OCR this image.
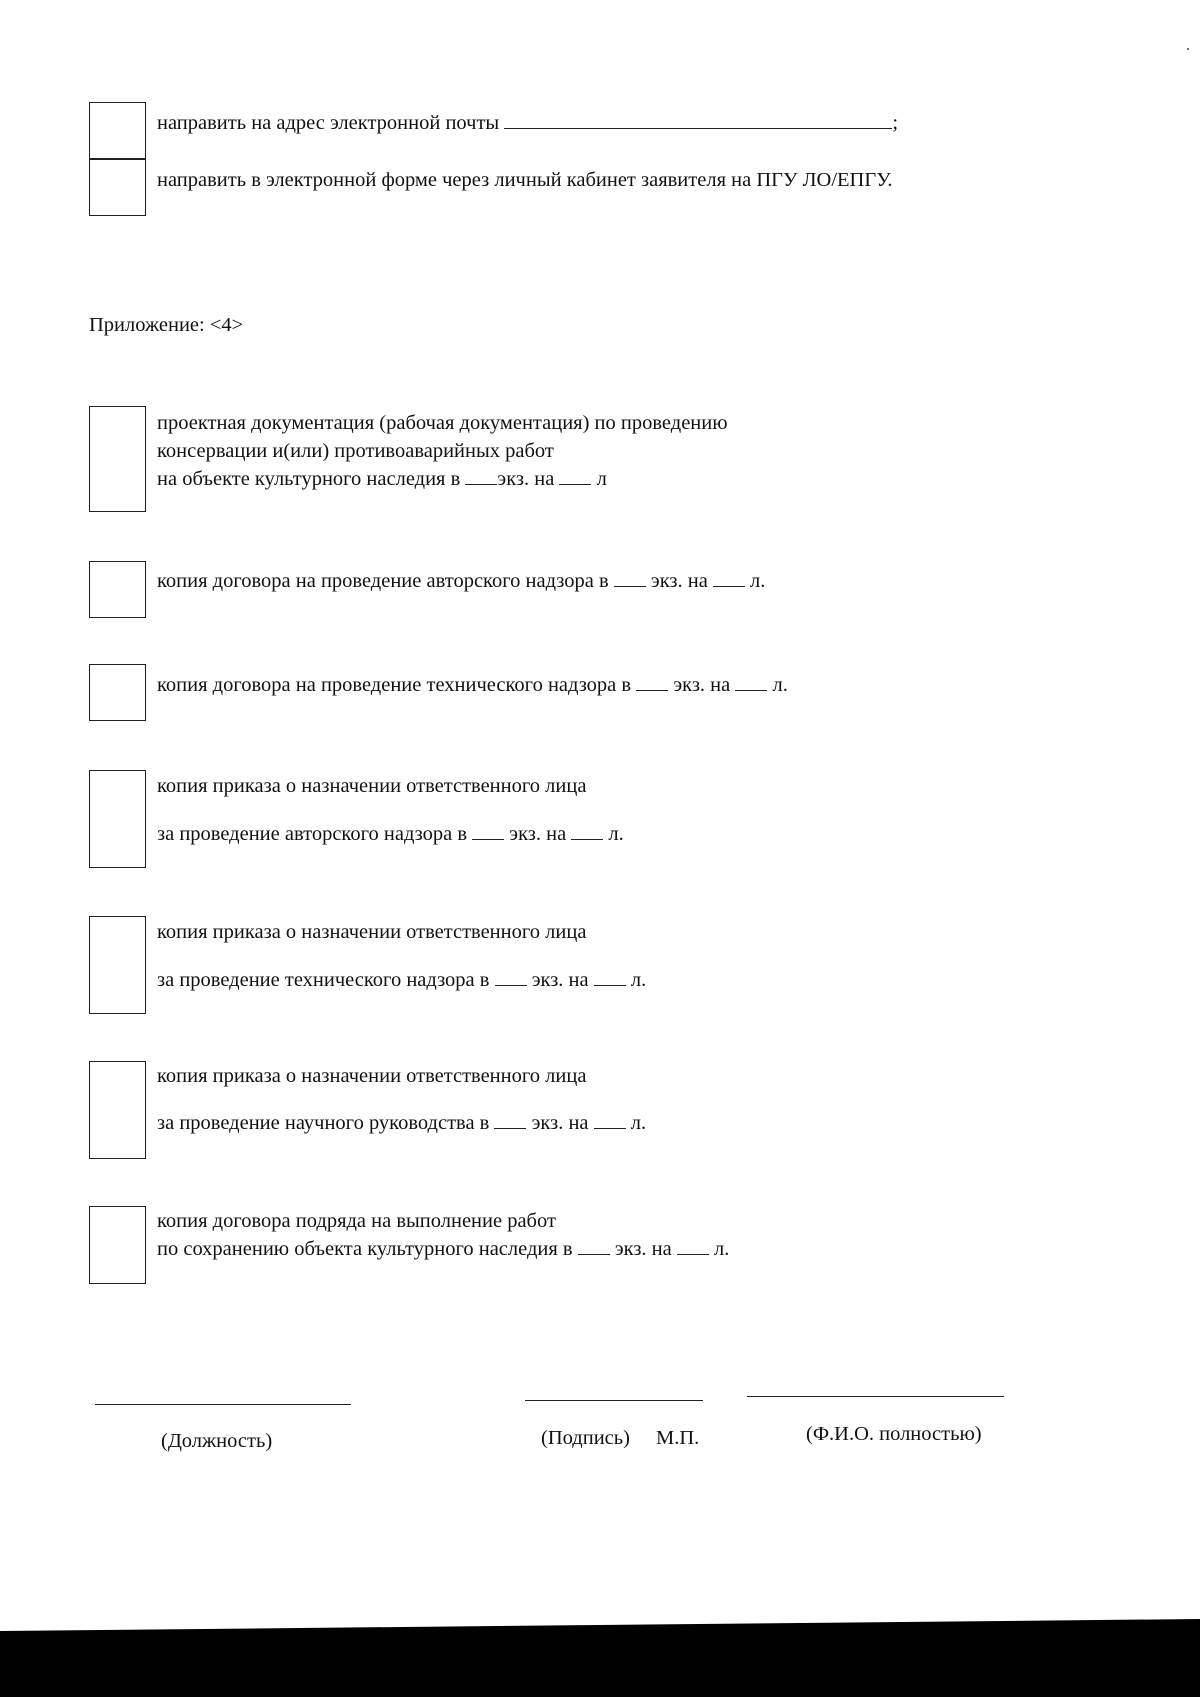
направить на адрес электронной почты	;
направить в электронной форме через личный кабинет заявителя на ПГУ ЛО/ЕПГУ.
Приложение: <4>
проектная документация (рабочая документация) по проведению
консервации и(или) противоаварийных работ
на объекте культурного наследия в экз. на л
копия договора на проведение авторского надзора в экз. на л.
копия договора на проведение технического надзора в экз. на л.
копия приказа о назначении ответственного лица
за проведение авторского надзора в экз. на л.
копия приказа о назначении ответственного лица
за проведение технического надзора в экз. на л.
копия приказа о назначении ответственного лица
за проведение научного руководства в экз. на л.
копия договора подряда на выполнение работ
по сохранению объекта культурного наследия в экз. на л.
(Должность)	(Подпись) М.П.	(Ф.И.О. полностью)
